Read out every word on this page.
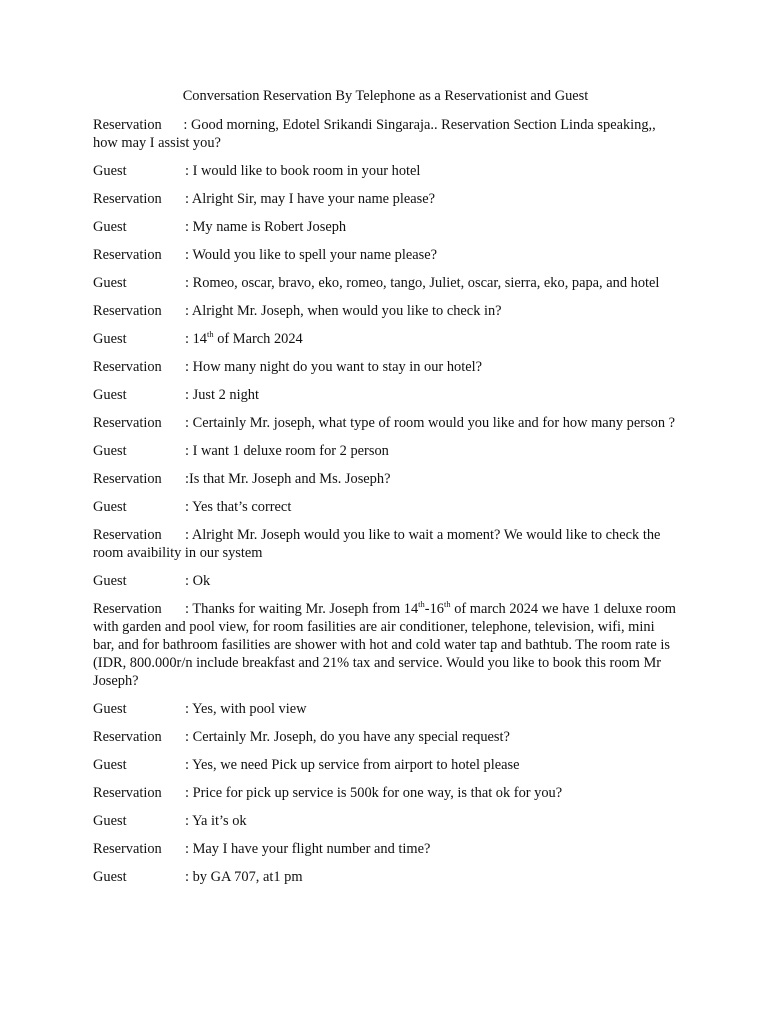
Conversation Reservation By Telephone as a Reservationist and Guest
Reservation      : Good morning, Edotel Srikandi Singaraja.. Reservation Section Linda speaking,, how may I assist you?
Guest	: I would like to book room in your hotel
Reservation : Alright Sir, may I have your name please?
Guest	: My name is Robert Joseph
Reservation : Would you like to spell your name please?
Guest	: Romeo, oscar, bravo, eko, romeo, tango, Juliet, oscar, sierra, eko, papa, and hotel
Reservation : Alright Mr. Joseph, when would you like to check in?
Guest	: 14th of March 2024
Reservation : How many night do you want to stay in our hotel?
Guest	: Just 2 night
Reservation : Certainly Mr. joseph, what type of room would you like and for how many person ?
Guest	: I want 1 deluxe room for 2 person
Reservation :Is that Mr. Joseph and Ms. Joseph?
Guest	: Yes that’s correct
Reservation : Alright Mr. Joseph would you like to wait a moment? We would like to check the room avaibility in our system
Guest	: Ok
Reservation : Thanks for waiting Mr. Joseph from 14th-16th of march 2024 we have 1 deluxe room with garden and pool view, for room fasilities are air conditioner, telephone, television, wifi, mini bar, and for bathroom fasilities are shower with hot and cold water tap and bathtub. The room rate is (IDR, 800.000r/n include breakfast and 21% tax and service. Would you like to book this room Mr Joseph?
Guest	: Yes, with pool view
Reservation : Certainly Mr. Joseph, do you have any special request?
Guest	: Yes, we need Pick up service from airport to hotel please
Reservation : Price for pick up service is 500k for one way, is that ok for you?
Guest	: Ya it’s ok
Reservation : May I have your flight number and time?
Guest	: by GA 707, at1 pm
